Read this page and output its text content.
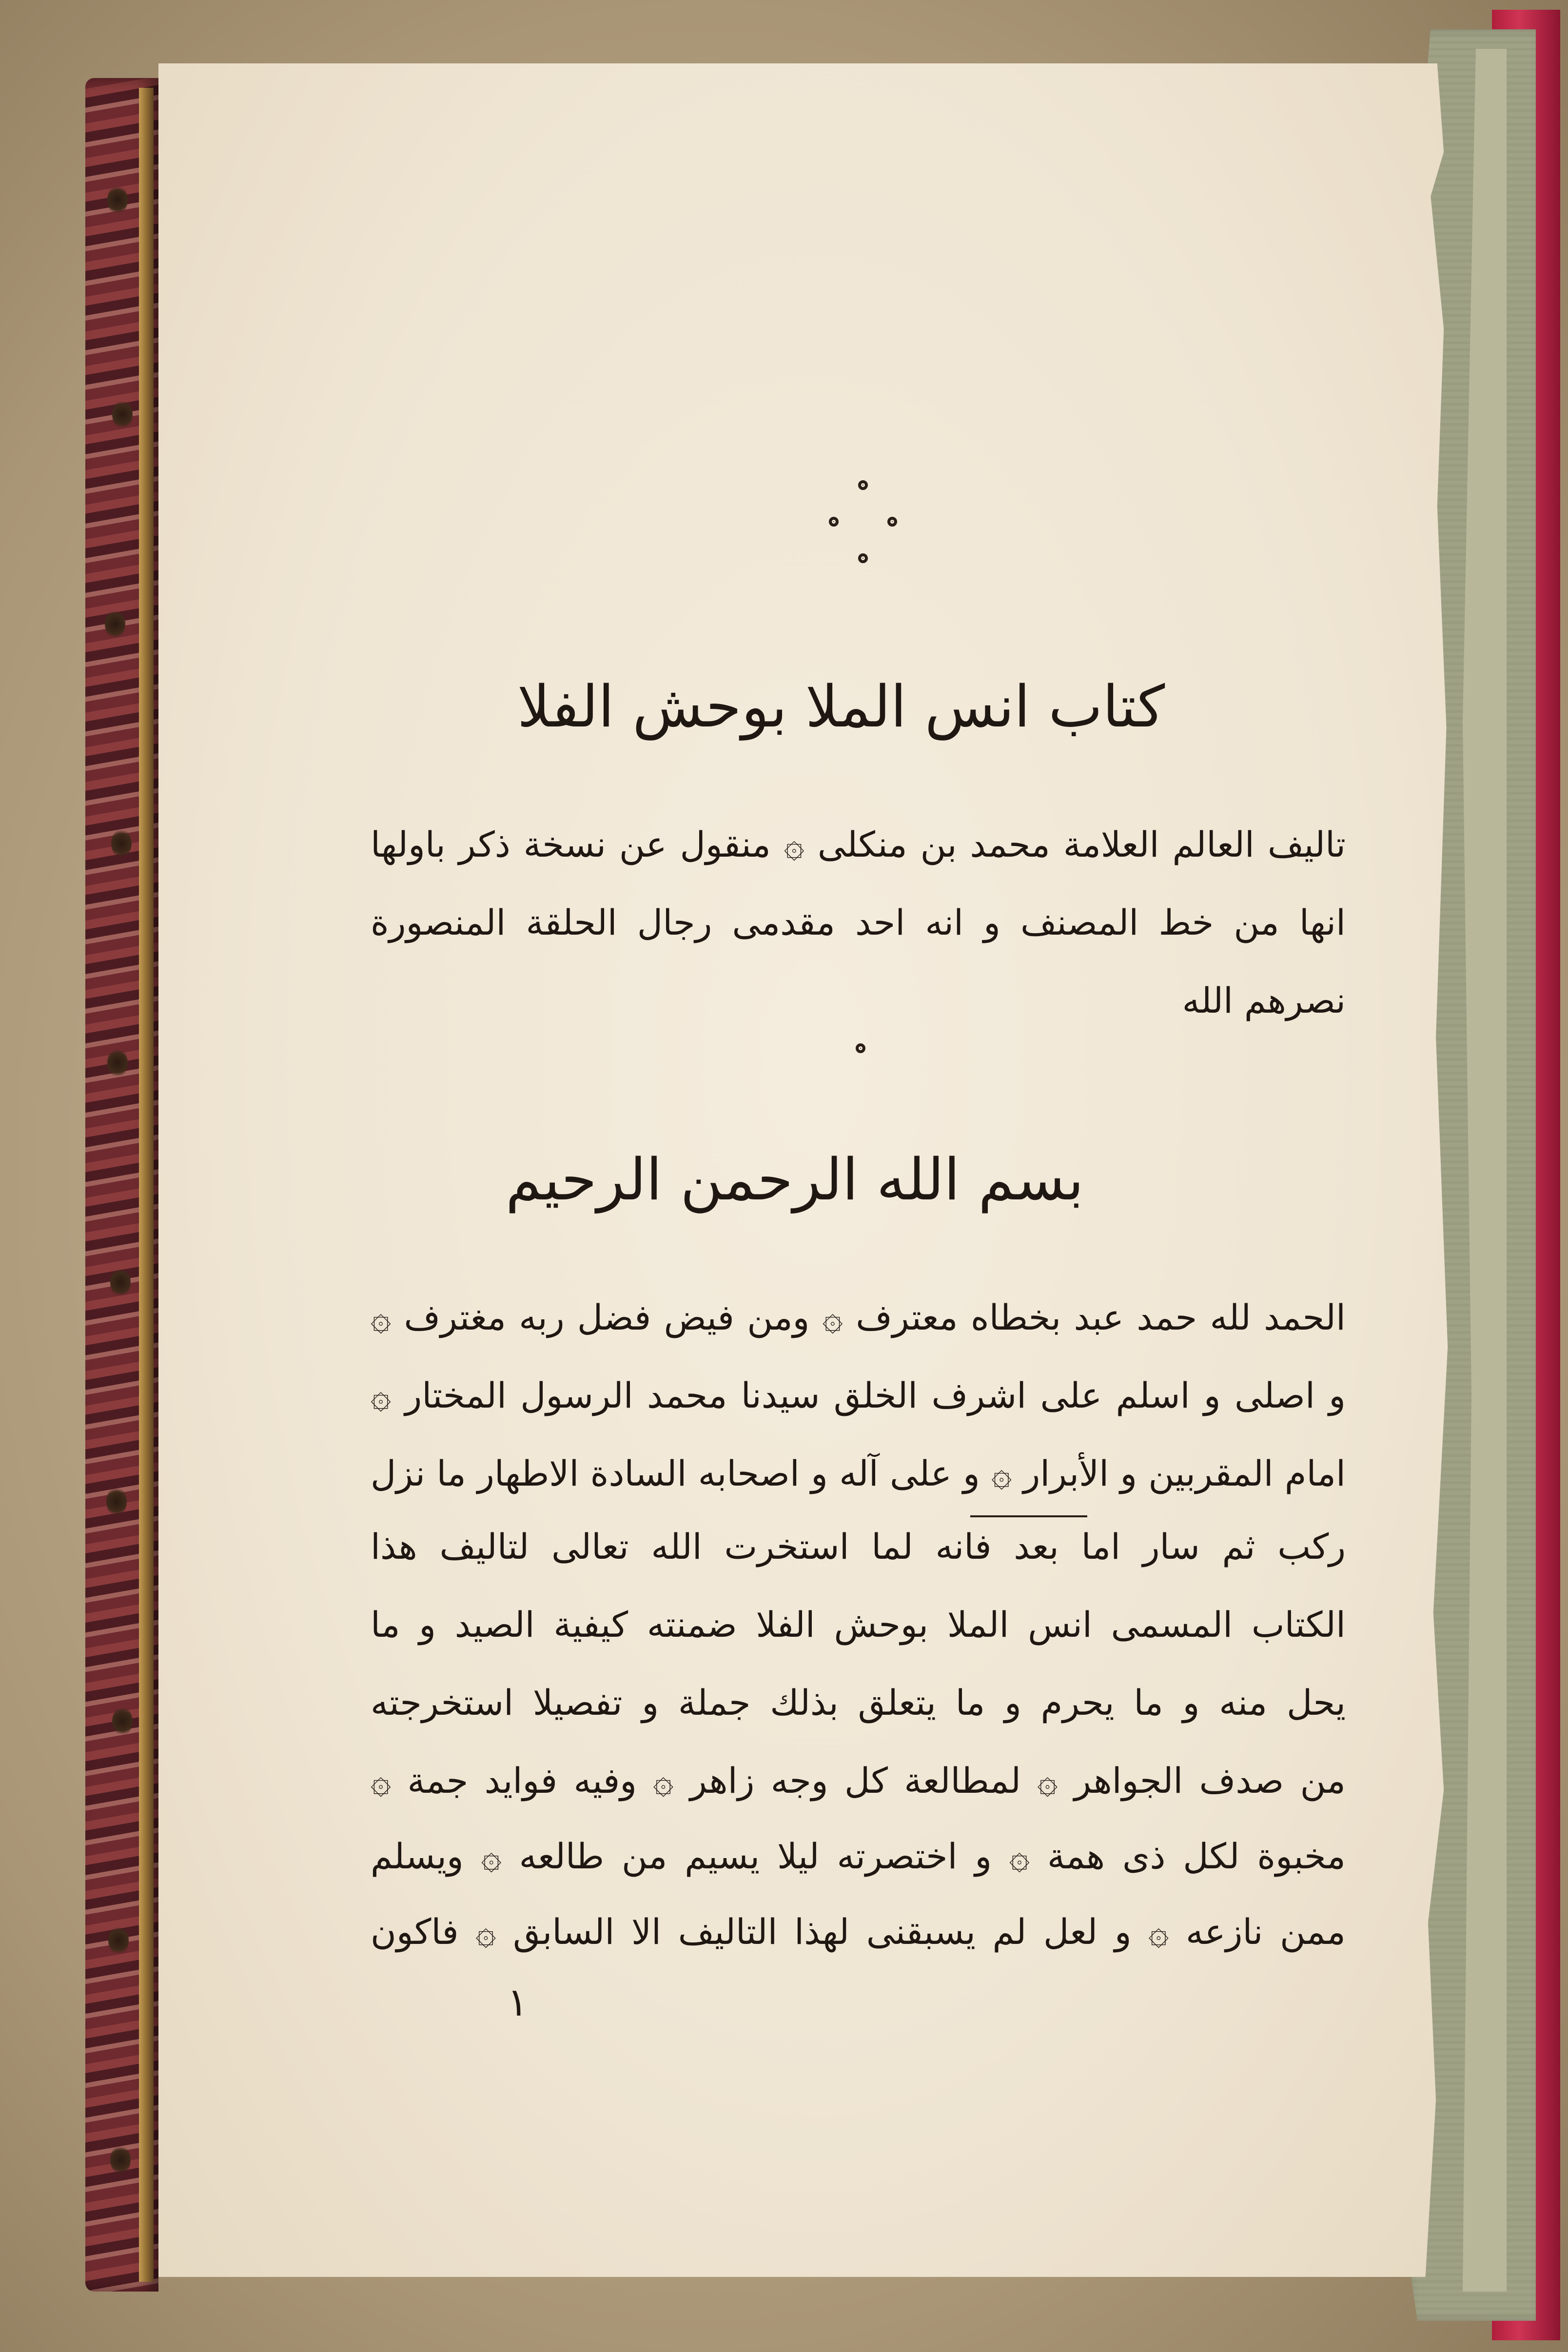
كتاب انس الملا بوحش الفلا
تاليف العالم العلامة محمد بن منكلى ۞ منقول عن نسخة ذكر باولها
انها من خط المصنف و انه احد مقدمى رجال الحلقة المنصورة
نصرهم الله
بسم الله الرحمن الرحيم
الحمد لله حمد عبد بخطاه معترف ۞ ومن فيض فضل ربه مغترف ۞
و اصلى و اسلم على اشرف الخلق سيدنا محمد الرسول المختار ۞
امام المقربين و الأبرار ۞ و على آله و اصحابه السادة الاطهار ما نزل
ركب ثم سار اما بعد فانه لما استخرت الله تعالى لتاليف هذا
الكتاب المسمى انس الملا بوحش الفلا ضمنته كيفية الصيد و ما
يحل منه و ما يحرم و ما يتعلق بذلك جملة و تفصيلا استخرجته
من صدف الجواهر ۞ لمطالعة كل وجه زاهر ۞ وفيه فوايد جمة ۞
مخبوة لكل ذى همة ۞ و اختصرته ليلا يسيم من طالعه ۞ ويسلم
ممن نازعه ۞ و لعل لم يسبقنى لهذا التاليف الا السابق ۞ فاكون
١
